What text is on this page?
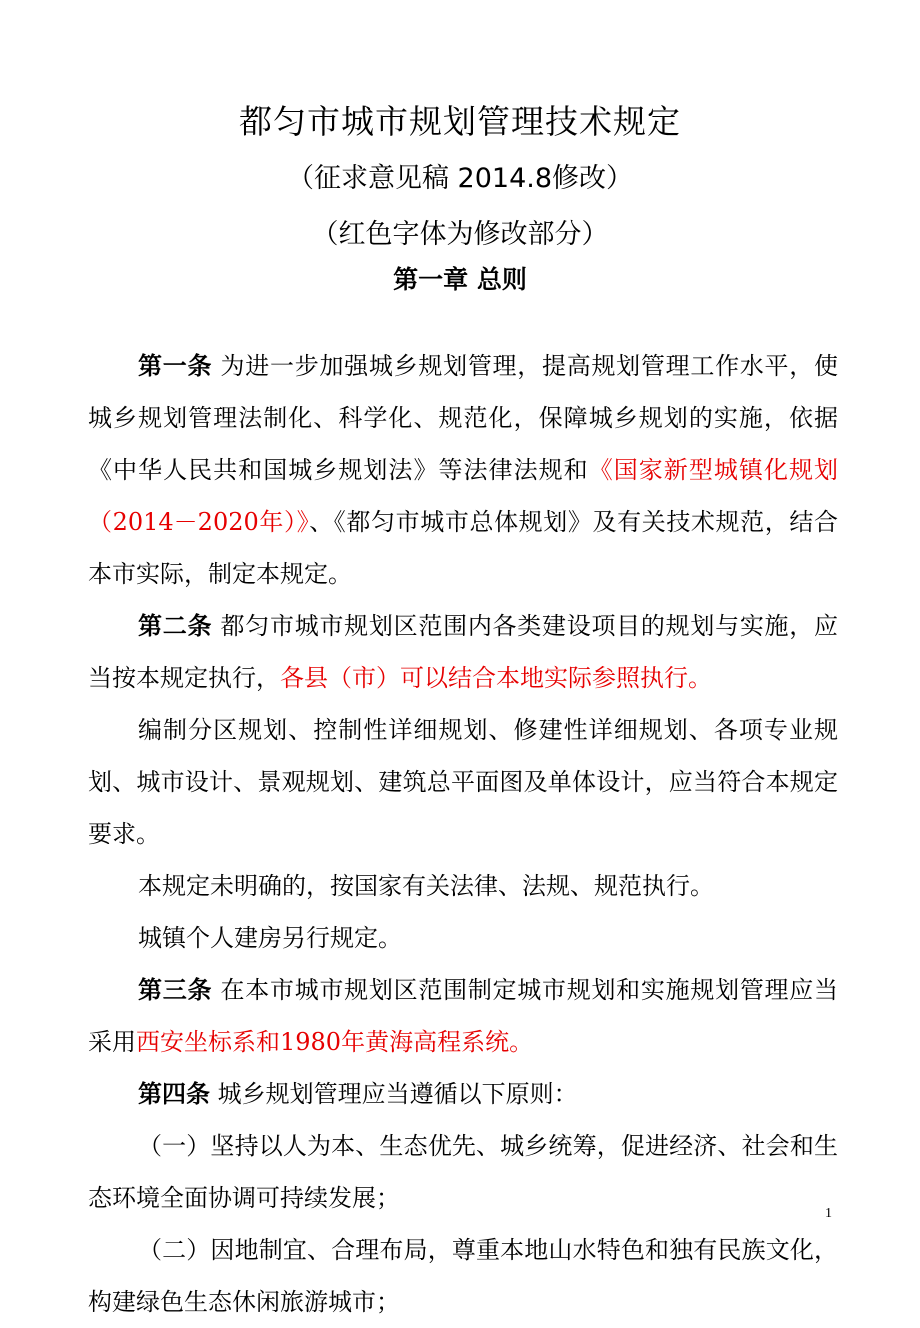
都匀市城市规划管理技术规定
（征求意见稿 2014.8修改）
（红色字体为修改部分）
第一章 总则

第一条 为进一步加强城乡规划管理，提高规划管理工作水平，使城乡规划管理法制化、科学化、规范化，保障城乡规划的实施，依据《中华人民共和国城乡规划法》等法律法规和《国家新型城镇化规划（2014－2020年）》、《都匀市城市总体规划》及有关技术规范，结合本市实际，制定本规定。

第二条 都匀市城市规划区范围内各类建设项目的规划与实施，应当按本规定执行，各县（市）可以结合本地实际参照执行。

编制分区规划、控制性详细规划、修建性详细规划、各项专业规划、城市设计、景观规划、建筑总平面图及单体设计，应当符合本规定要求。

本规定未明确的，按国家有关法律、法规、规范执行。

城镇个人建房另行规定。

第三条 在本市城市规划区范围制定城市规划和实施规划管理应当采用西安坐标系和1980年黄海高程系统。

第四条 城乡规划管理应当遵循以下原则：

（一）坚持以人为本、生态优先、城乡统筹，促进经济、社会和生态环境全面协调可持续发展；

（二）因地制宜、合理布局，尊重本地山水特色和独有民族文化，构建绿色生态休闲旅游城市；

1
